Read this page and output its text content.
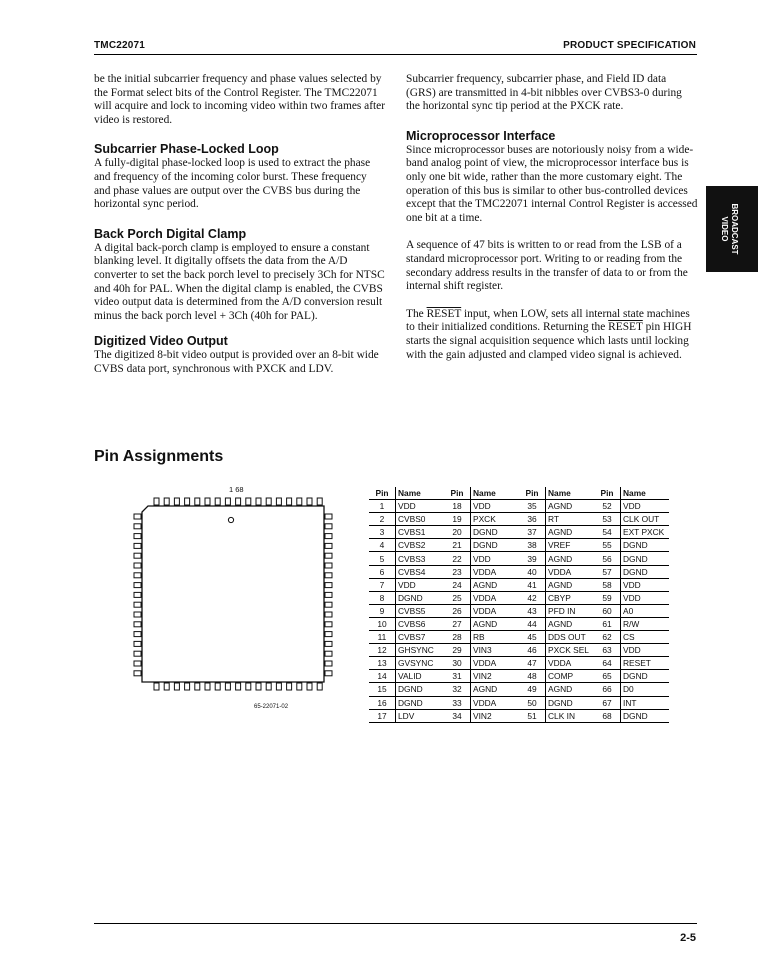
TMC22071	PRODUCT SPECIFICATION

be the initial subcarrier frequency and phase values selected by the Format select bits of the Control Register. The TMC22071 will acquire and lock to incoming video within two frames after video is restored.

Subcarrier Phase-Locked Loop

A fully-digital phase-locked loop is used to extract the phase and frequency of the incoming color burst. These frequency and phase values are output over the CVBS bus during the horizontal sync period.

Back Porch Digital Clamp

A digital back-porch clamp is employed to ensure a constant blanking level. It digitally offsets the data from the A/D converter to set the back porch level to precisely 3Ch for NTSC and 40h for PAL. When the digital clamp is enabled, the CVBS video output data is determined from the A/D conversion result minus the back porch level + 3Ch (40h for PAL).

Digitized Video Output

The digitized 8-bit video output is provided over an 8-bit wide CVBS data port, synchronous with PXCK and LDV.

Subcarrier frequency, subcarrier phase, and Field ID data (GRS) are transmitted in 4-bit nibbles over CVBS3-0 during the horizontal sync tip period at the PXCK rate.

Microprocessor Interface

Since microprocessor buses are notoriously noisy from a wide-band analog point of view, the microprocessor interface bus is only one bit wide, rather than the more customary eight. The operation of this bus is similar to other bus-controlled devices except that the TMC22071 internal Control Register is accessed one bit at a time.

A sequence of 47 bits is written to or read from the LSB of a standard microprocessor port. Writing to or reading from the secondary address results in the transfer of data to or from the internal shift register.

The RESET input, when LOW, sets all internal state machines to their initialized conditions. Returning the RESET pin HIGH starts the signal acquisition sequence which lasts until locking with the gain adjusted and clamped video signal is achieved.

BROADCAST
VIDEO
Pin Assignments
1 68
65-22071-02
Pin	Name	Pin	Name	Pin	Name	Pin	Name
1	VDD	18	VDD	35	AGND	52	VDD
2	CVBS0	19	PXCK	36	RT	53	CLK OUT
3	CVBS1	20	DGND	37	AGND	54	EXT PXCK
4	CVBS2	21	DGND	38	VREF	55	DGND
5	CVBS3	22	VDD	39	AGND	56	DGND
6	CVBS4	23	VDDA	40	VDDA	57	DGND
7	VDD	24	AGND	41	AGND	58	VDD
8	DGND	25	VDDA	42	CBYP	59	VDD
9	CVBS5	26	VDDA	43	PFD IN	60	A0
10	CVBS6	27	AGND	44	AGND	61	R/W
11	CVBS7	28	RB	45	DDS OUT	62	CS
12	GHSYNC	29	VIN3	46	PXCK SEL	63	VDD
13	GVSYNC	30	VDDA	47	VDDA	64	RESET
14	VALID	31	VIN2	48	COMP	65	DGND
15	DGND	32	AGND	49	AGND	66	D0
16	DGND	33	VDDA	50	DGND	67	INT
17	LDV	34	VIN2	51	CLK IN	68	DGND
2-5
